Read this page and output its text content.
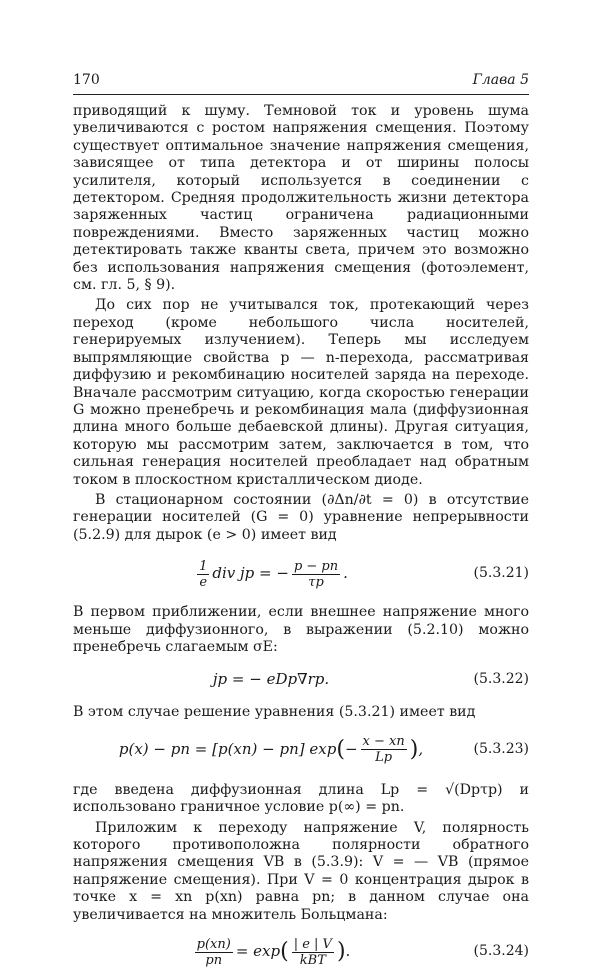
170	Глава 5

приводящий к шуму. Темновой ток и уровень шума увеличиваются с ростом напряжения смещения. Поэтому существует оптимальное значение напряжения смещения, зависящее от типа детектора и от ширины полосы усилителя, который используется в соединении с детектором. Средняя продолжительность жизни детектора заряженных частиц ограничена радиационными повреждениями. Вместо заряженных частиц можно детектировать также кванты света, причем это возможно без использования напряжения смещения (фотоэлемент, см. гл. 5, § 9).

До сих пор не учитывался ток, протекающий через переход (кроме небольшого числа носителей, генерируемых излучением). Теперь мы исследуем выпрямляющие свойства p — n-перехода, рассматривая диффузию и рекомбинацию носителей заряда на переходе. Вначале рассмотрим ситуацию, когда скоростью генерации G можно пренебречь и рекомбинация мала (диффузионная длина много больше дебаевской длины). Другая ситуация, которую мы рассмотрим затем, заключается в том, что сильная генерация носителей преобладает над обратным током в плоскостном кристаллическом диоде.

В стационарном состоянии (∂Δn/∂t = 0) в отсутствие генерации носителей (G = 0) уравнение непрерывности (5.2.9) для дырок (e > 0) имеет вид

$\frac{1}{e}$ div jp = − $\frac{p - pn}{\tau p}$ .	(5.3.21)

В первом приближении, если внешнее напряжение много меньше диффузионного, в выражении (5.2.10) можно пренебречь слагаемым σE:

jp = − eDp∇rp.	(5.3.22)

В этом случае решение уравнения (5.3.21) имеет вид

p(x) − pn = [p(xn) − pn] exp ( − $\frac{x - xn}{Lp}$ ) ,	(5.3.23)

где введена диффузионная длина Lp = √(Dpτp) и использовано граничное условие p(∞) = pn.

Приложим к переходу напряжение V, полярность которого противоположна полярности обратного напряжения смещения VB в (5.3.9): V = — VB (прямое напряжение смещения). При V = 0 концентрация дырок в точке x = xn p(xn) равна pn; в данном случае она увеличивается на множитель Больцмана:

$\frac{p(xn)}{pn} = \exp$ ( $\frac{| e | V}{\text{kBT}}$ ) .	(5.3.24)
